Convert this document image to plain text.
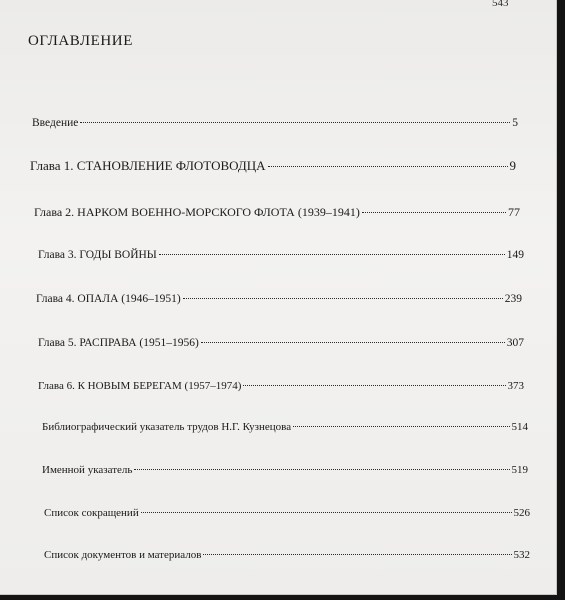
543
ОГЛАВЛЕНИЕ
Введение	5
Глава 1. СТАНОВЛЕНИЕ ФЛОТОВОДЦА	9
Глава 2. НАРКОМ ВОЕННО-МОРСКОГО ФЛОТА (1939–1941)	77
Глава 3. ГОДЫ ВОЙНЫ	149
Глава 4. ОПАЛА (1946–1951)	239
Глава 5. РАСПРАВА (1951–1956)	307
Глава 6. К НОВЫМ БЕРЕГАМ (1957–1974)	373
Библиографический указатель трудов Н.Г. Кузнецова	514
Именной указатель	519
Список сокращений	526
Список документов и материалов	532
